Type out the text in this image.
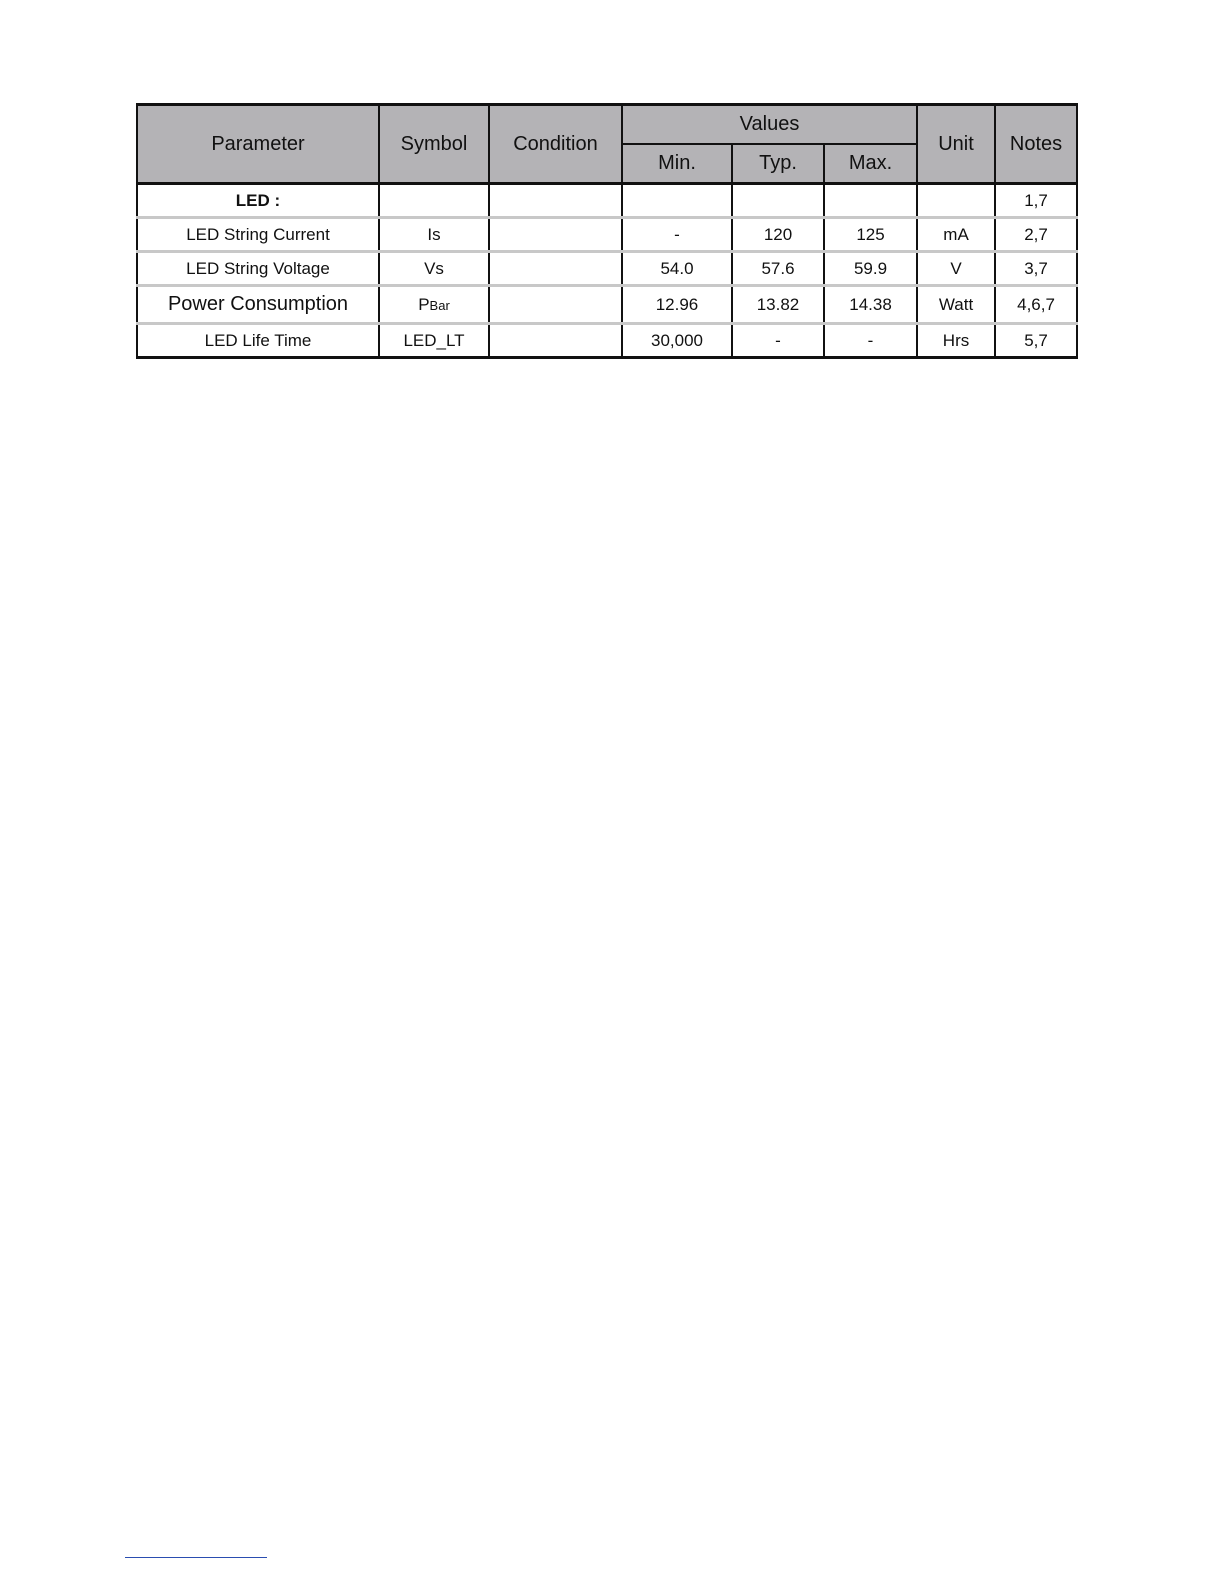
Parameter	Symbol	Condition	Values			Unit	Notes
			Min.	Typ.	Max.		
LED :							1,7
LED String Current	Is		-	120	125	mA	2,7
LED String Voltage	Vs		54.0	57.6	59.9	V	3,7
Power Consumption	PBar		12.96	13.82	14.38	Watt	4,6,7
LED Life Time	LED_LT		30,000	-	-	Hrs	5,7
